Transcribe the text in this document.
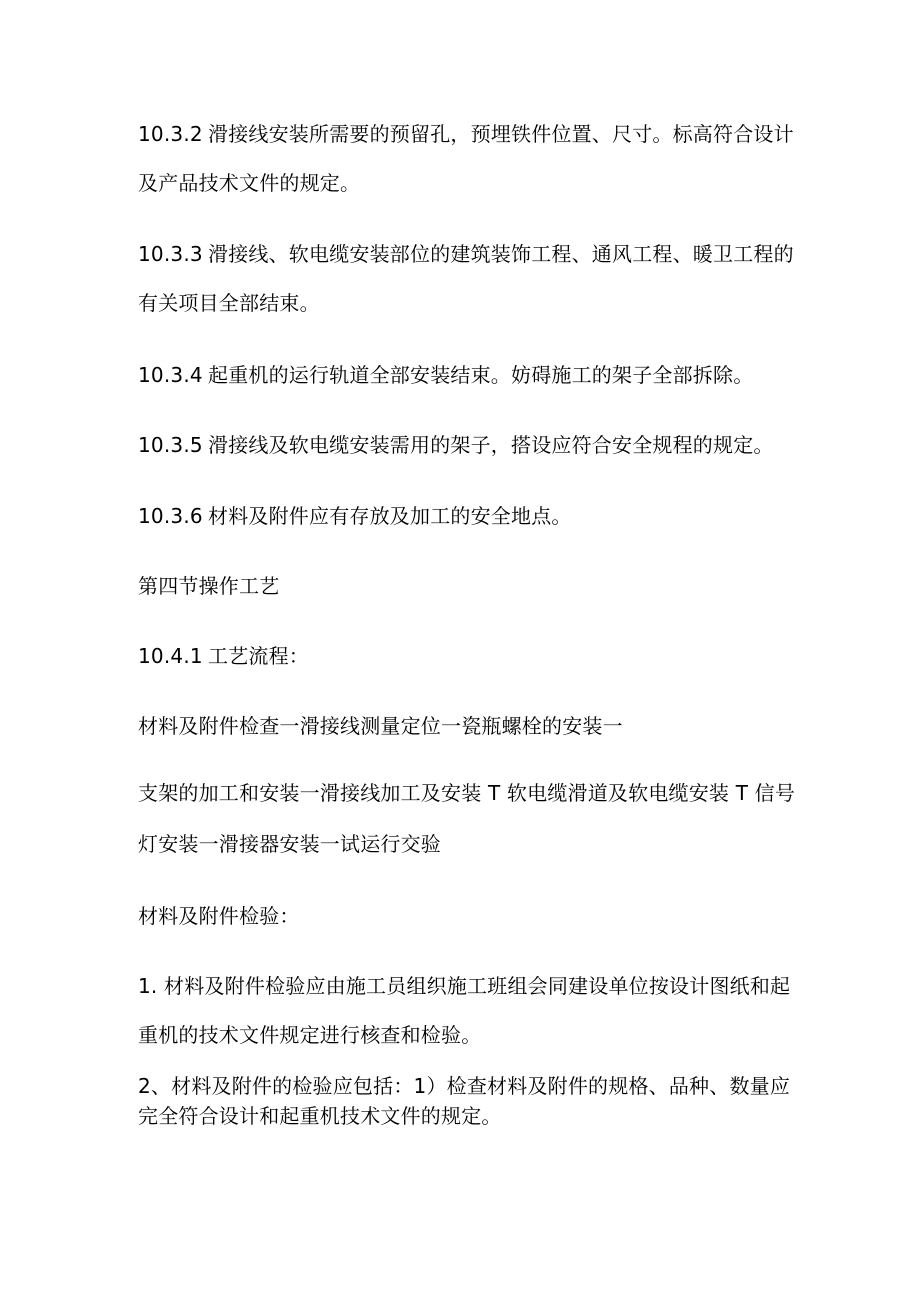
10.3.2 滑接线安装所需要的预留孔，预埋铁件位置、尺寸。标高符合设计
及产品技术文件的规定。
10.3.3 滑接线、软电缆安装部位的建筑装饰工程、通风工程、暖卫工程的
有关项目全部结束。
10.3.4 起重机的运行轨道全部安装结束。妨碍施工的架子全部拆除。
10.3.5 滑接线及软电缆安装需用的架子，搭设应符合安全规程的规定。
10.3.6 材料及附件应有存放及加工的安全地点。
第四节操作工艺
10.4.1 工艺流程：
材料及附件检查一滑接线测量定位一瓷瓶螺栓的安装一
支架的加工和安装一滑接线加工及安装 T 软电缆滑道及软电缆安装 T 信号
灯安装一滑接器安装一试运行交验
材料及附件检验：
1. 材料及附件检验应由施工员组织施工班组会同建设单位按设计图纸和起
重机的技术文件规定进行核查和检验。
2、材料及附件的检验应包括：1）检查材料及附件的规格、品种、数量应
完全符合设计和起重机技术文件的规定。
